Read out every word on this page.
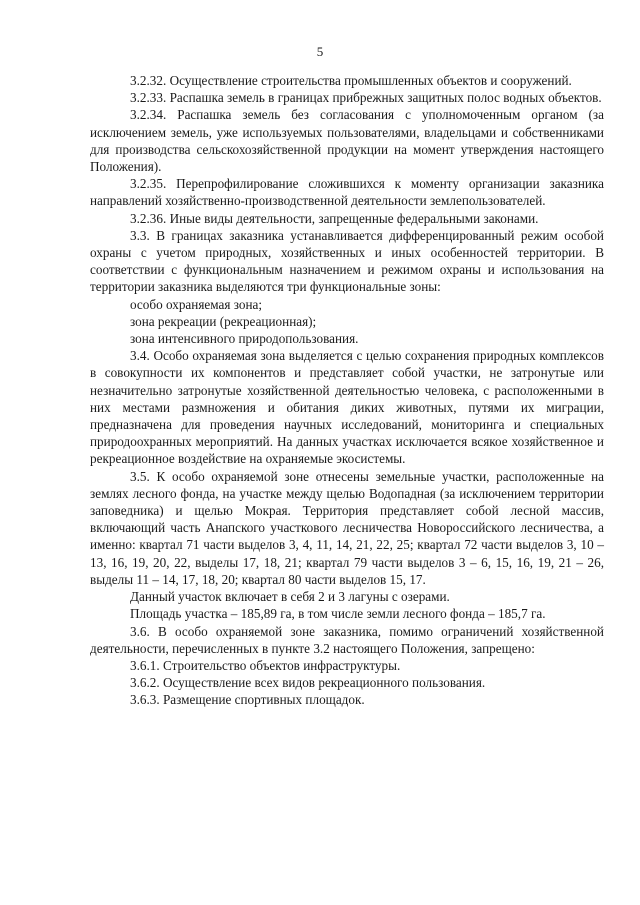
5

3.2.32. Осуществление строительства промышленных объектов и сооружений.

3.2.33. Распашка земель в границах прибрежных защитных полос водных объектов.

3.2.34. Распашка земель без согласования с уполномоченным органом (за исключением земель, уже используемых пользователями, владельцами и собственниками для производства сельскохозяйственной продукции на момент утверждения настоящего Положения).

3.2.35. Перепрофилирование сложившихся к моменту организации заказника направлений хозяйственно-производственной деятельности землепользователей.

3.2.36. Иные виды деятельности, запрещенные федеральными законами.

3.3. В границах заказника устанавливается дифференцированный режим особой охраны с учетом природных, хозяйственных и иных особенностей территории. В соответствии с функциональным назначением и режимом охраны и использования на территории заказника выделяются три функциональные зоны:

особо охраняемая зона;

зона рекреации (рекреационная);

зона интенсивного природопользования.

3.4. Особо охраняемая зона выделяется с целью сохранения природных комплексов в совокупности их компонентов и представляет собой участки, не затронутые или незначительно затронутые хозяйственной деятельностью человека, с расположенными в них местами размножения и обитания диких животных, путями их миграции, предназначена для проведения научных исследований, мониторинга и специальных природоохранных мероприятий. На данных участках исключается всякое хозяйственное и рекреационное воздействие на охраняемые экосистемы.

3.5. К особо охраняемой зоне отнесены земельные участки, расположенные на землях лесного фонда, на участке между щелью Водопадная (за исключением территории заповедника) и щелью Мокрая. Территория представляет собой лесной массив, включающий часть Анапского участкового лесничества Новороссийского лесничества, а именно: квартал 71 части выделов 3, 4, 11, 14, 21, 22, 25; квартал 72 части выделов 3, 10 – 13, 16, 19, 20, 22, выделы 17, 18, 21; квартал 79 части выделов 3 – 6, 15, 16, 19, 21 – 26, выделы 11 – 14, 17, 18, 20; квартал 80 части выделов 15, 17.

Данный участок включает в себя 2 и 3 лагуны с озерами.

Площадь участка – 185,89 га, в том числе земли лесного фонда – 185,7 га.

3.6. В особо охраняемой зоне заказника, помимо ограничений хозяйственной деятельности, перечисленных в пункте 3.2 настоящего Положения, запрещено:

3.6.1. Строительство объектов инфраструктуры.

3.6.2. Осуществление всех видов рекреационного пользования.

3.6.3. Размещение спортивных площадок.
